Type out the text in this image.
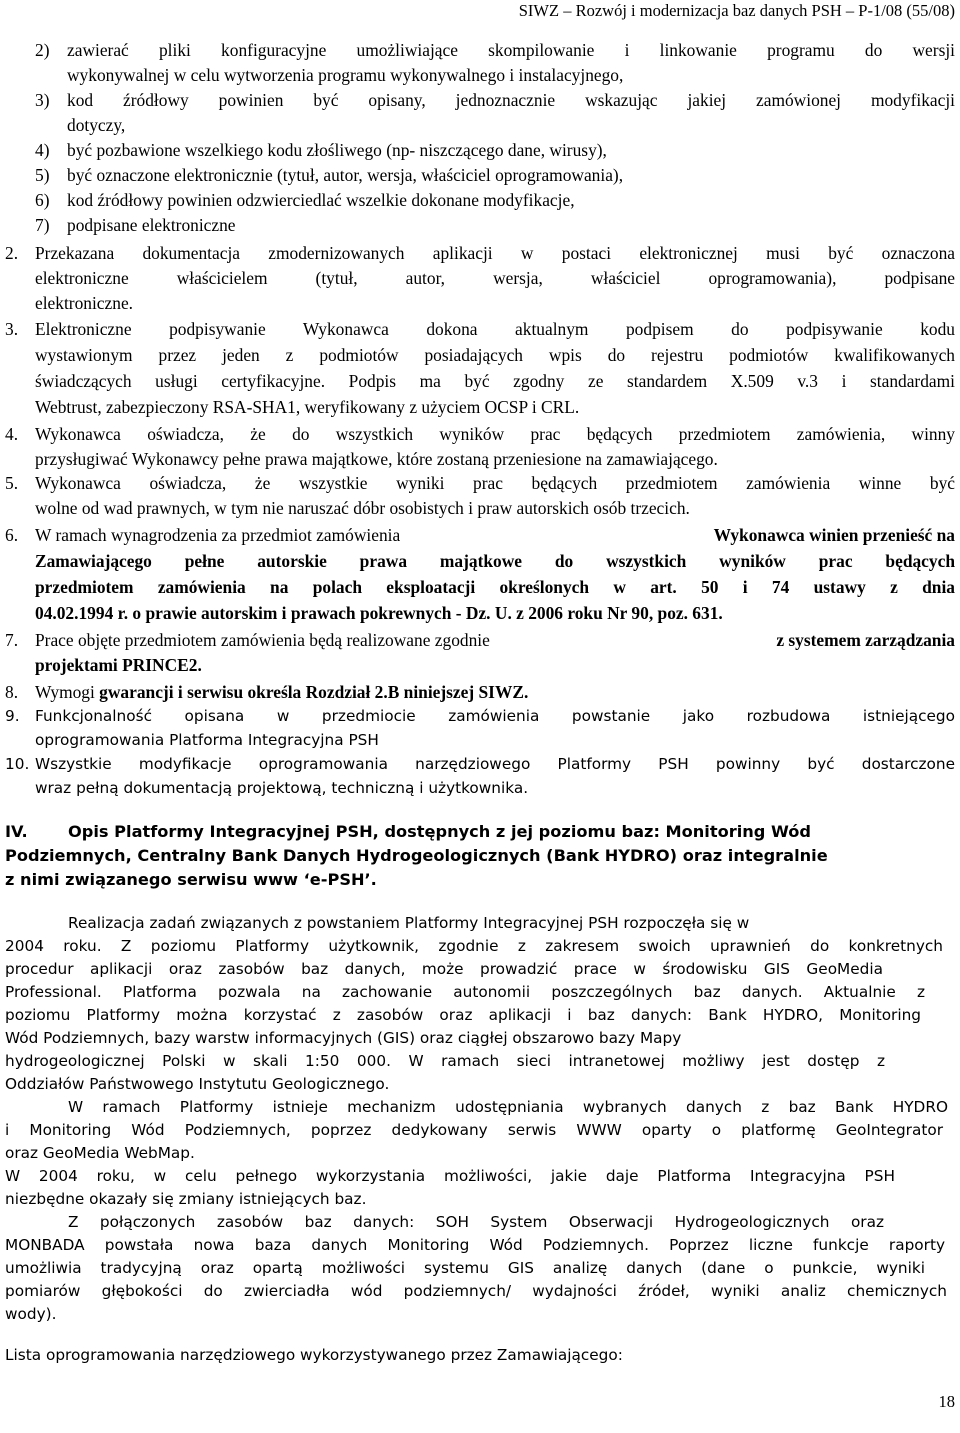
SIWZ – Rozwój i modernizacja baz danych PSH – P-1/08 (55/08)
2) zawierać pliki konfiguracyjne umożliwiające skompilowanie i linkowanie programu do wersji
wykonywalnej w celu wytworzenia programu wykonywalnego i instalacyjnego,
3) kod źródłowy powinien być opisany, jednoznacznie wskazując jakiej zamówionej modyfikacji
dotyczy,
4) być pozbawione wszelkiego kodu złośliwego (np- niszczącego dane, wirusy),
5) być oznaczone elektronicznie (tytuł, autor, wersja, właściciel oprogramowania),
6) kod źródłowy powinien odzwierciedlać wszelkie dokonane modyfikacje,
7) podpisane elektroniczne
2. Przekazana dokumentacja zmodernizowanych aplikacji w postaci elektronicznej musi być oznaczona
elektroniczne właścicielem (tytuł, autor, wersja, właściciel oprogramowania), podpisane
elektroniczne.
3. Elektroniczne podpisywanie Wykonawca dokona aktualnym podpisem do podpisywanie kodu
wystawionym przez jeden z podmiotów posiadających wpis do rejestru podmiotów kwalifikowanych
świadczących usługi certyfikacyjne. Podpis ma być zgodny ze standardem X.509 v.3 i standardami
Webtrust, zabezpieczony RSA-SHA1, weryfikowany z użyciem OCSP i CRL.
4. Wykonawca oświadcza, że do wszystkich wyników prac będących przedmiotem zamówienia, winny
przysługiwać Wykonawcy pełne prawa majątkowe, które zostaną przeniesione na zamawiającego.
5. Wykonawca oświadcza, że wszystkie wyniki prac będących przedmiotem zamówienia winne być
wolne od wad prawnych, w tym nie naruszać dóbr osobistych i praw autorskich osób trzecich.
6. W ramach wynagrodzenia za przedmiot zamówienia	Wykonawca winien przenieść na
Zamawiającego pełne autorskie prawa majątkowe do wszystkich wyników prac będących
przedmiotem zamówienia na polach eksploatacji określonych w art. 50 i 74 ustawy z dnia
04.02.1994 r. o prawie autorskim i prawach pokrewnych - Dz. U. z 2006 roku Nr 90, poz. 631.
7. Prace objęte przedmiotem zamówienia będą realizowane zgodnie	z systemem zarządzania
projektami PRINCE2.
8. Wymogi gwarancji i serwisu określa Rozdział 2.B niniejszej SIWZ.
9. Funkcjonalność opisana w przedmiocie zamówienia powstanie jako rozbudowa istniejącego
oprogramowania Platforma Integracyjna PSH
10. Wszystkie modyfikacje oprogramowania narzędziowego Platformy PSH powinny być dostarczone
wraz pełną dokumentacją projektową, techniczną i użytkownika.
IV. Opis Platformy Integracyjnej PSH, dostępnych z jej poziomu baz: Monitoring Wód
Podziemnych, Centralny Bank Danych Hydrogeologicznych (Bank HYDRO) oraz integralnie
z nimi związanego serwisu www ‘e-PSH’.
Realizacja zadań związanych z powstaniem Platformy Integracyjnej PSH rozpoczęła się w
2004 roku. Z poziomu Platformy użytkownik, zgodnie z zakresem swoich uprawnień do konkretnych
procedur aplikacji oraz zasobów baz danych, może prowadzić prace w środowisku GIS GeoMedia
Professional. Platforma pozwala na zachowanie autonomii poszczególnych baz danych. Aktualnie z
poziomu Platformy można korzystać z zasobów oraz aplikacji i baz danych: Bank HYDRO, Monitoring
Wód Podziemnych, bazy warstw informacyjnych (GIS) oraz ciągłej obszarowo bazy Mapy
hydrogeologicznej Polski w skali 1:50 000. W ramach sieci intranetowej możliwy jest dostęp z
Oddziałów Państwowego Instytutu Geologicznego.
W ramach Platformy istnieje mechanizm udostępniania wybranych danych z baz Bank HYDRO
i Monitoring Wód Podziemnych, poprzez dedykowany serwis WWW oparty o platformę GeoIntegrator
oraz GeoMedia WebMap.
W 2004 roku, w celu pełnego wykorzystania możliwości, jakie daje Platforma Integracyjna PSH
niezbędne okazały się zmiany istniejących baz.
Z połączonych zasobów baz danych: SOH System Obserwacji Hydrogeologicznych oraz
MONBADA powstała nowa baza danych Monitoring Wód Podziemnych. Poprzez liczne funkcje raporty
umożliwia tradycyjną oraz opartą możliwości systemu GIS analizę danych (dane o punkcie, wyniki
pomiarów głębokości do zwierciadła wód podziemnych/ wydajności źródeł, wyniki analiz chemicznych
wody).
Lista oprogramowania narzędziowego wykorzystywanego przez Zamawiającego:
18
